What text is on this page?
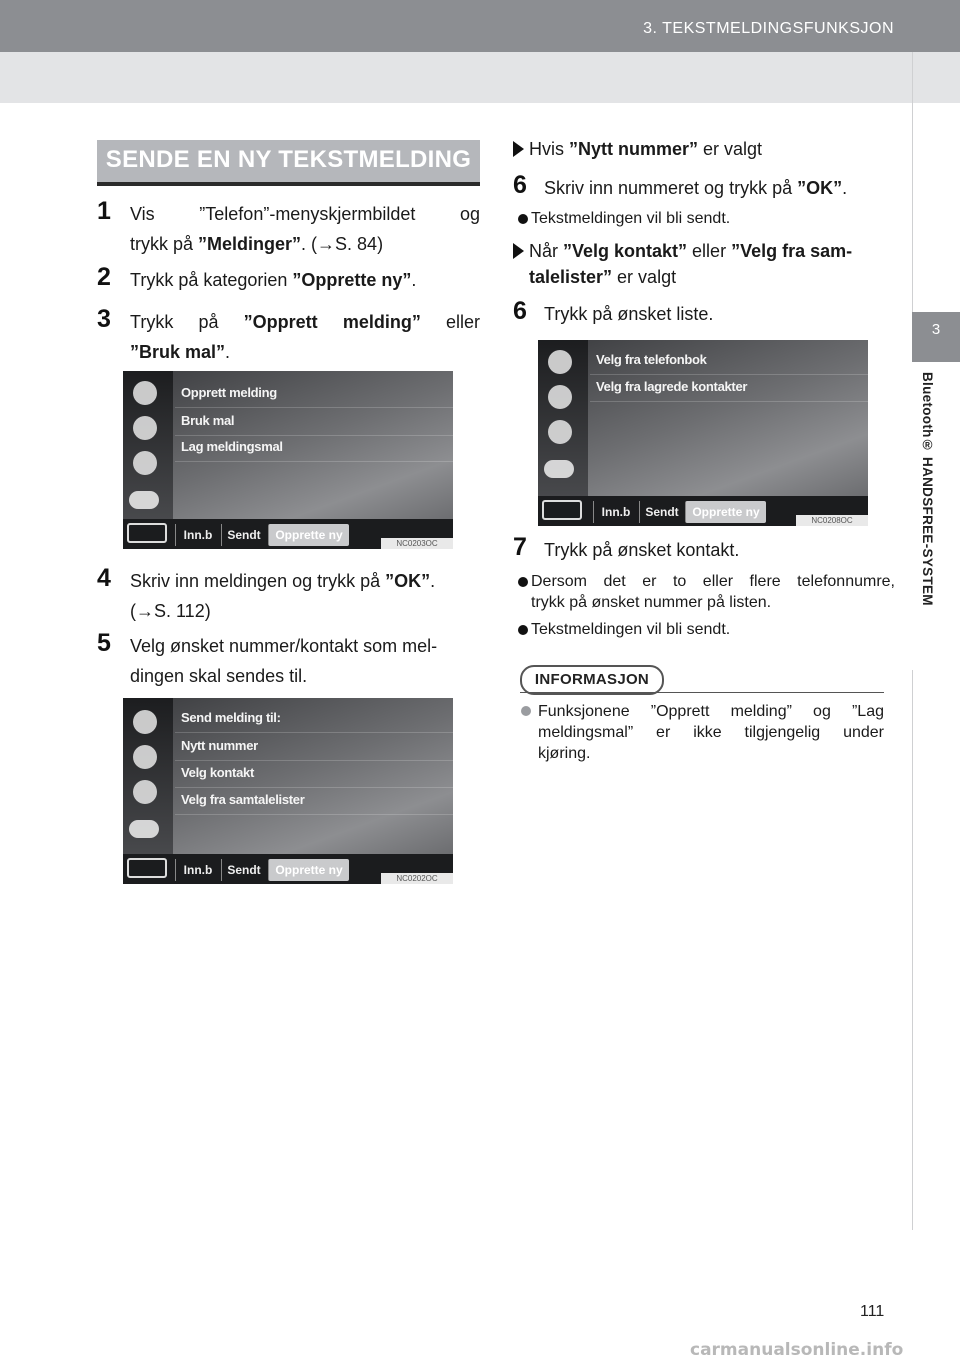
3. TEKSTMELDINGSFUNKSJON
3
Bluetooth® HANDSFREE-SYSTEM
SENDE EN NY TEKSTMELDING
1 Vis ”Telefon”-menyskjermbildet og
trykk på ”Meldinger”. (→S. 84)
2 Trykk på kategorien ”Opprette ny”.
3 Trykk på ”Opprett melding” eller
”Bruk mal”.
Opprett melding
Bruk mal
Lag meldingsmal
Inn.b	Sendt	Opprette ny
NC0203OC
4 Skriv inn meldingen og trykk på ”OK”.
(→S. 112)
5 Velg ønsket nummer/kontakt som mel-
dingen skal sendes til.
Send melding til:
Nytt nummer
Velg kontakt
Velg fra samtalelister
Inn.b	Sendt	Opprette ny
NC0202OC
Hvis ”Nytt nummer” er valgt
6 Skriv inn nummeret og trykk på ”OK”.
Tekstmeldingen vil bli sendt.
Når ”Velg kontakt” eller ”Velg fra sam-
talelister” er valgt
6 Trykk på ønsket liste.
Velg fra telefonbok
Velg fra lagrede kontakter
Inn.b	Sendt	Opprette ny
NC0208OC
7 Trykk på ønsket kontakt.
Dersom det er to eller flere telefonnumre,
trykk på ønsket nummer på listen.
Tekstmeldingen vil bli sendt.
INFORMASJON
Funksjonene ”Opprett melding” og ”Lag
meldingsmal” er ikke tilgjengelig under
kjøring.
111
carmanualsonline.info
